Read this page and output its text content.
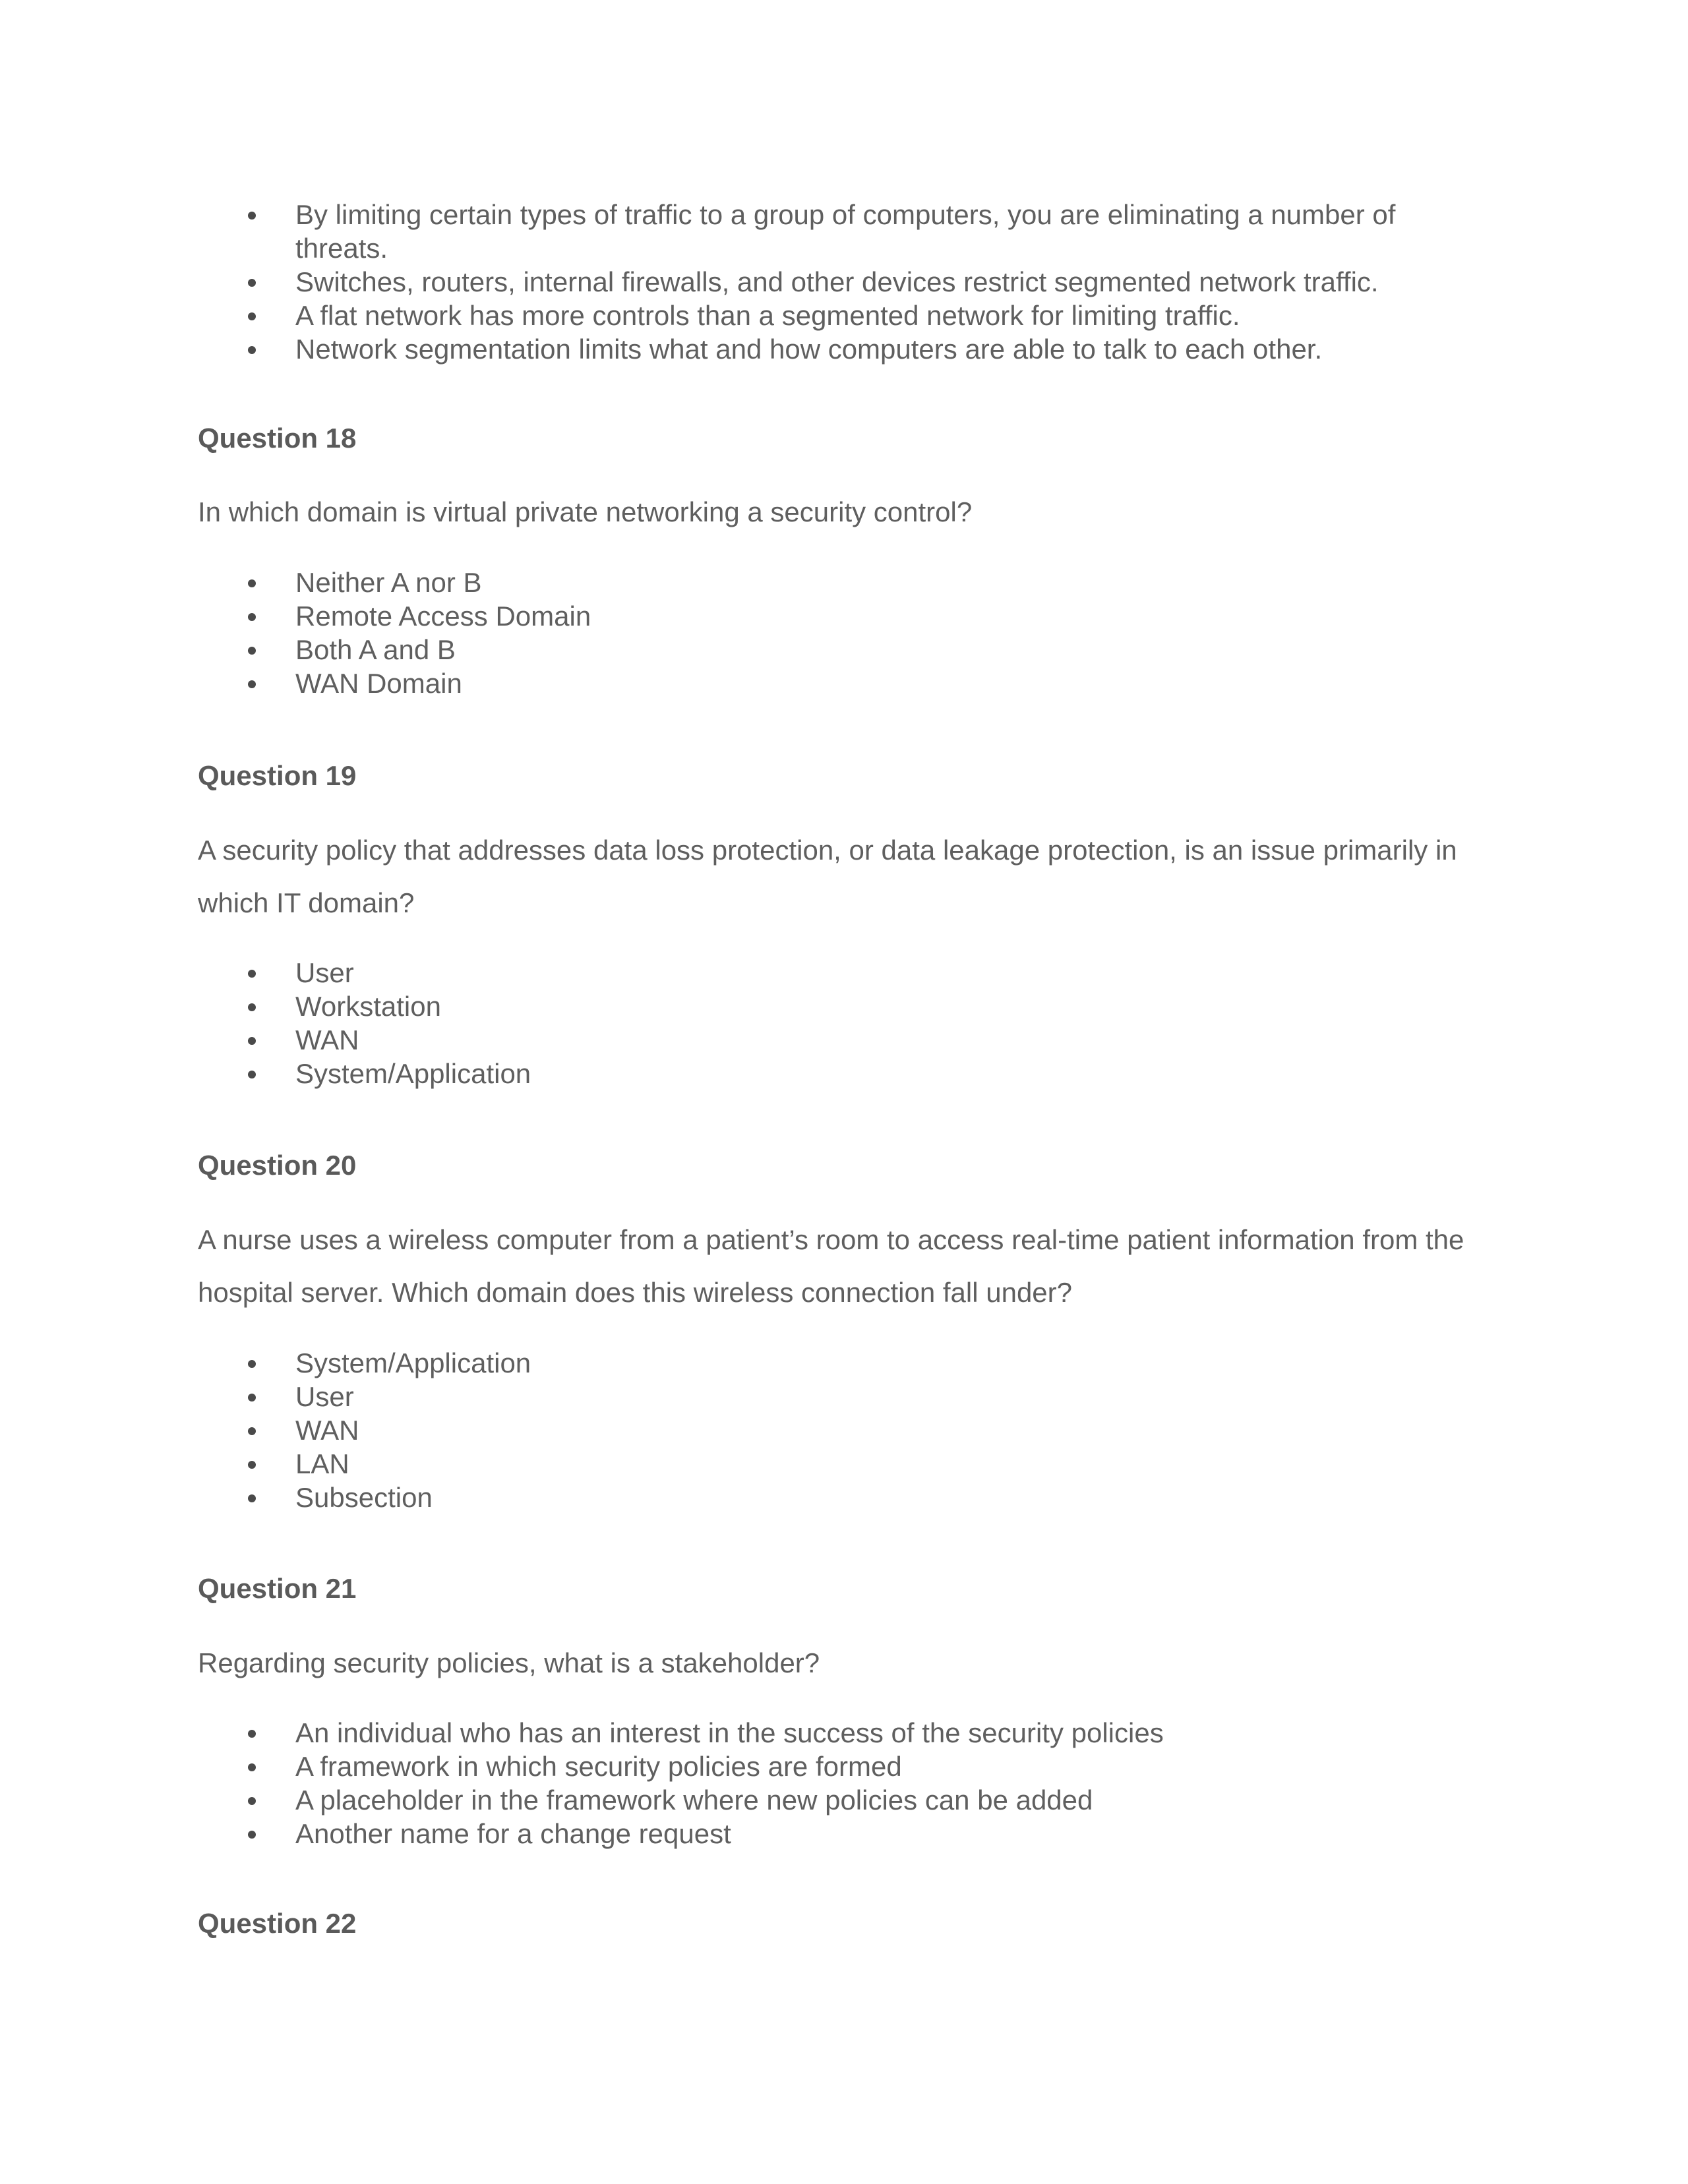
By limiting certain types of traffic to a group of computers, you are eliminating a number of threats.
Switches, routers, internal firewalls, and other devices restrict segmented network traffic.
A flat network has more controls than a segmented network for limiting traffic.
Network segmentation limits what and how computers are able to talk to each other.
Question 18

In which domain is virtual private networking a security control?

Neither A nor B
Remote Access Domain
Both A and B
WAN Domain
Question 19

A security policy that addresses data loss protection, or data leakage protection, is an issue primarily in which IT domain?

User
Workstation
WAN
System/Application
Question 20

A nurse uses a wireless computer from a patient’s room to access real-time patient information from the hospital server. Which domain does this wireless connection fall under?

System/Application
User
WAN
LAN
Subsection
Question 21

Regarding security policies, what is a stakeholder?

An individual who has an interest in the success of the security policies
A framework in which security policies are formed
A placeholder in the framework where new policies can be added
Another name for a change request
Question 22
